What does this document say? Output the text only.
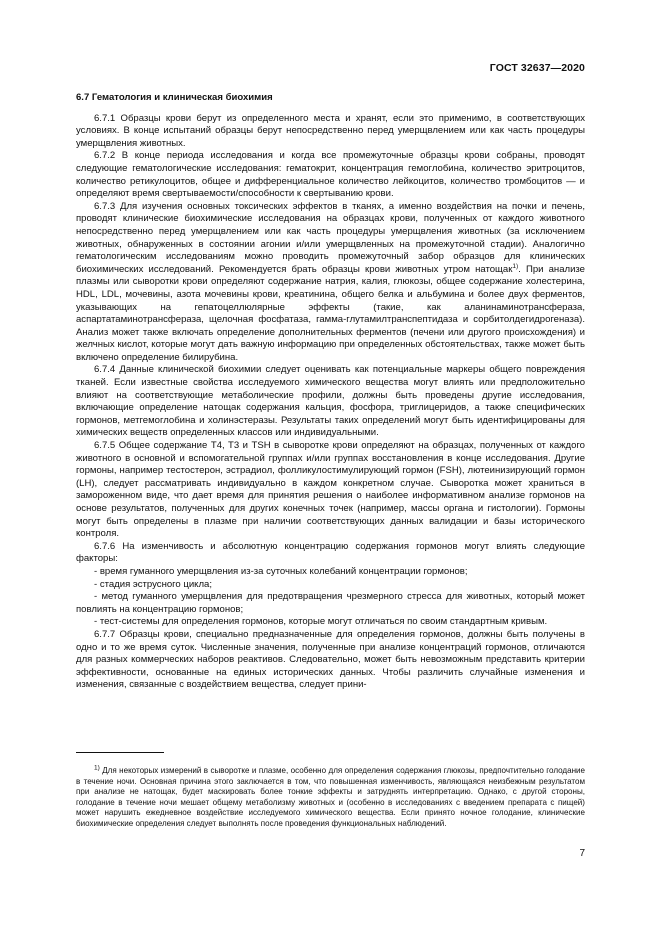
ГОСТ 32637—2020

6.7 Гематология и клиническая биохимия

6.7.1 Образцы крови берут из определенного места и хранят, если это применимо, в соответствующих условиях. В конце испытаний образцы берут непосредственно перед умерщвлением или как часть процедуры умерщвления животных.

6.7.2 В конце периода исследования и когда все промежуточные образцы крови собраны, проводят следующие гематологические исследования: гематокрит, концентрация гемоглобина, количество эритроцитов, количество ретикулоцитов, общее и дифференциальное количество лейкоцитов, количество тромбоцитов — и определяют время свертываемости/способности к свертыванию крови.

6.7.3 Для изучения основных токсических эффектов в тканях, а именно воздействия на почки и печень, проводят клинические биохимические исследования на образцах крови, полученных от каждого животного непосредственно перед умерщвлением или как часть процедуры умерщвления животных (за исключением животных, обнаруженных в состоянии агонии и/или умерщвленных на промежуточной стадии). Аналогично гематологическим исследованиям можно проводить промежуточный забор образцов для клинических биохимических исследований. Рекомендуется брать образцы крови животных утром натощак$^{1)}$. При анализе плазмы или сыворотки крови определяют содержание натрия, калия, глюкозы, общее содержание холестерина, HDL, LDL, мочевины, азота мочевины крови, креатинина, общего белка и альбумина и более двух ферментов, указывающих на гепатоцеллюлярные эффекты (такие, как аланинаминотрансфераза, аспартатаминотрансфераза, щелочная фосфатаза, гамма-глутамилтранспептидаза и сорбитолдегидрогеназа). Анализ может также включать определение дополнительных ферментов (печени или другого происхождения) и желчных кислот, которые могут дать важную информацию при определенных обстоятельствах, также может быть включено определение билирубина.

6.7.4 Данные клинической биохимии следует оценивать как потенциальные маркеры общего повреждения тканей. Если известные свойства исследуемого химического вещества могут влиять или предположительно влияют на соответствующие метаболические профили, должны быть проведены другие исследования, включающие определение натощак содержания кальция, фосфора, триглицеридов, а также специфических гормонов, метгемоглобина и холинэстеразы. Результаты таких определений могут быть идентифицированы для химических веществ определенных классов или индивидуальными.

6.7.5 Общее содержание T4, T3 и TSH в сыворотке крови определяют на образцах, полученных от каждого животного в основной и вспомогательной группах и/или группах восстановления в конце исследования. Другие гормоны, например тестостерон, эстрадиол, фолликулостимулирующий гормон (FSH), лютеинизирующий гормон (LH), следует рассматривать индивидуально в каждом конкретном случае. Сыворотка может храниться в замороженном виде, что дает время для принятия решения о наиболее информативном анализе гормонов на основе результатов, полученных для других конечных точек (например, массы органа и гистологии). Гормоны могут быть определены в плазме при наличии соответствующих данных валидации и базы исторического контроля.

6.7.6 На изменчивость и абсолютную концентрацию содержания гормонов могут влиять следующие факторы:

- время гуманного умерщвления из-за суточных колебаний концентрации гормонов;

- стадия эструсного цикла;

- метод гуманного умерщвления для предотвращения чрезмерного стресса для животных, который может повлиять на концентрацию гормонов;

- тест-системы для определения гормонов, которые могут отличаться по своим стандартным кривым.

6.7.7 Образцы крови, специально предназначенные для определения гормонов, должны быть получены в одно и то же время суток. Численные значения, полученные при анализе концентраций гормонов, отличаются для разных коммерческих наборов реактивов. Следовательно, может быть невозможным представить критерии эффективности, основанные на единых исторических данных. Чтобы различить случайные изменения и изменения, связанные с воздействием вещества, следует прини-

$^{1)}$ Для некоторых измерений в сыворотке и плазме, особенно для определения содержания глюкозы, предпочтительно голодание в течение ночи. Основная причина этого заключается в том, что повышенная изменчивость, являющаяся неизбежным результатом при анализе не натощак, будет маскировать более тонкие эффекты и затруднять интерпретацию. Однако, с другой стороны, голодание в течение ночи мешает общему метаболизму животных и (особенно в исследованиях с введением препарата с пищей) может нарушить ежедневное воздействие исследуемого химического вещества. Если принято ночное голодание, клинические биохимические определения следует выполнять после проведения функциональных наблюдений.

7
